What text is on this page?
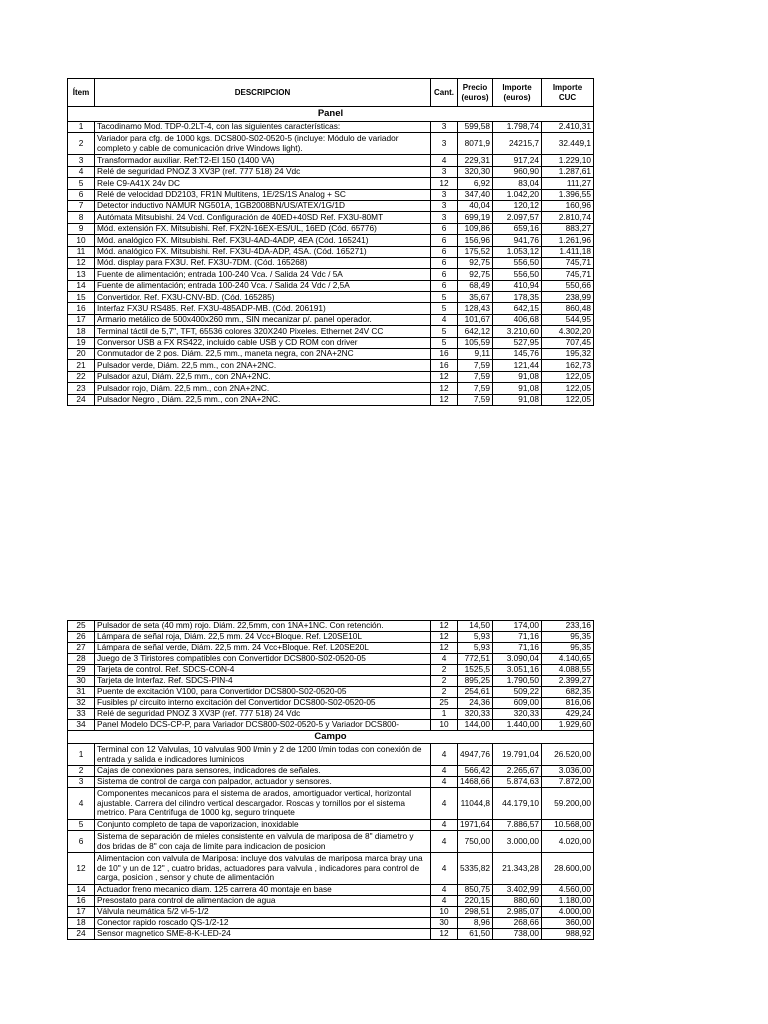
Ítem	DESCRIPCION	Cant.	Precio (euros)	Importe (euros)	Importe CUC
Panel					
1	Tacodinamo Mod. TDP-0.2LT-4, con las siguientes características:	3	599,58	1.798,74	2.410,31
2	Variador para cfg. de 1000 kgs. DCS800-S02-0520-5 (incluye: Módulo de variador completo y cable de comunicación drive Windows light).	3	8071,9	24215,7	32.449,1
3	Transformador auxiliar. Ref:T2-EI 150 (1400 VA)	4	229,31	917,24	1.229,10
4	Relé de seguridad PNOZ 3 XV3P (ref. 777 518) 24 Vdc	3	320,30	960,90	1.287,61
5	Rele C9-A41X 24v DC	12	6,92	83,04	111,27
6	Relé de velocidad DD2103, FR1N Multitens, 1E/2S/1S Analog + SC	3	347,40	1.042,20	1.396,55
7	Detector inductivo NAMUR NG501A, 1GB2008BN/US/ATEX/1G/1D	3	40,04	120,12	160,96
8	Autómata Mitsubishi. 24 Vcd. Configuración de 40ED+40SD Ref. FX3U-80MT	3	699,19	2.097,57	2.810,74
9	Mód. extensión FX. Mitsubishi. Ref. FX2N-16EX-ES/UL, 16ED (Cód. 65776)	6	109,86	659,16	883,27
10	Mód. analógico FX. Mitsubishi. Ref. FX3U-4AD-4ADP, 4EA (Cód. 165241)	6	156,96	941,76	1.261,96
11	Mód. analógico FX. Mitsubishi. Ref. FX3U-4DA-ADP, 4SA. (Cód. 165271)	6	175,52	1.053,12	1.411,18
12	Mód. display para FX3U. Ref. FX3U-7DM. (Cód. 165268)	6	92,75	556,50	745,71
13	Fuente de alimentación; entrada 100-240 Vca. / Salida 24 Vdc / 5A	6	92,75	556,50	745,71
14	Fuente de alimentación; entrada 100-240 Vca. / Salida 24 Vdc / 2,5A	6	68,49	410,94	550,66
15	Convertidor. Ref. FX3U-CNV-BD. (Cód. 165285)	5	35,67	178,35	238,99
16	Interfaz FX3U RS485. Ref. FX3U-485ADP-MB. (Cód. 206191)	5	128,43	642,15	860,48
17	Armario metálico de 500x400x260 mm., SIN mecanizar p/. panel operador.	4	101,67	406,68	544,95
18	Terminal táctil de 5,7", TFT, 65536 colores 320X240 Pixeles. Ethernet 24V CC	5	642,12	3.210,60	4.302,20
19	Conversor USB a FX RS422, incluido cable USB y CD ROM con driver	5	105,59	527,95	707,45
20	Conmutador de 2 pos. Diám. 22,5 mm., maneta negra, con 2NA+2NC	16	9,11	145,76	195,32
21	Pulsador verde, Diám. 22,5 mm., con 2NA+2NC.	16	7,59	121,44	162,73
22	Pulsador azul, Diám. 22,5 mm., con 2NA+2NC.	12	7,59	91,08	122,05
23	Pulsador rojo, Diám. 22,5 mm., con 2NA+2NC.	12	7,59	91,08	122,05
24	Pulsador Negro , Diám. 22,5 mm., con 2NA+2NC.	12	7,59	91,08	122,05
25	Pulsador de seta (40 mm) rojo. Diám. 22,5mm, con 1NA+1NC. Con retención.	12	14,50	174,00	233,16
26	Lámpara de señal roja, Diám. 22,5 mm. 24 Vcc+Bloque. Ref. L20SE10L	12	5,93	71,16	95,35
27	Lámpara de señal verde, Diám. 22,5 mm. 24 Vcc+Bloque. Ref. L20SE20L	12	5,93	71,16	95,35
28	Juego de 3 Tiristores compatibles con Convertidor DCS800-S02-0520-05	4	772,51	3.090,04	4.140,65
29	Tarjeta de control. Ref. SDCS-CON-4	2	1525,5	3.051,16	4.088,55
30	Tarjeta de Interfaz. Ref. SDCS-PIN-4	2	895,25	1.790,50	2.399,27
31	Puente de excitación V100, para Convertidor DCS800-S02-0520-05	2	254,61	509,22	682,35
32	Fusibles p/ circuito interno excitación del Convertidor DCS800-S02-0520-05	25	24,36	609,00	816,06
33	Relé de seguridad PNOZ 3 XV3P (ref. 777 518) 24 Vdc	1	320,33	320,33	429,24
34	Panel Modelo DCS-CP-P, para Variador DCS800-S02-0520-5 y Variador DCS800-	10	144,00	1.440,00	1.929,60
Campo					
1	Terminal con 12 Valvulas, 10 valvulas 900 l/min y 2 de 1200 l/min todas con conexión de entrada y salida e indicadores luminicos	4	4947,76	19.791,04	26.520,00
2	Cajas de conexiones para sensores, indicadores de señales.	4	566,42	2.265,67	3.036,00
3	Sistema de control de carga con palpador, actuador y sensores.	4	1468,66	5.874,63	7.872,00
4	Componentes mecanicos para el sistema de arados, amortiguador vertical, horizontal ajustable. Carrera del cilindro vertical descargador. Roscas y tornillos por el sistema metrico. Para Centrifuga de 1000 kg, seguro trinquete	4	11044,8	44.179,10	59.200,00
5	Conjunto completo de tapa de vaporizacion, inoxidable	4	1971,64	7.886,57	10.568,00
6	Sistema de separación de mieles consistente en valvula de mariposa de 8" diametro y dos bridas de 8" con caja de limite para indicacion de posicion	4	750,00	3.000,00	4.020,00
12	Alimentacion con valvula de Mariposa: incluye dos valvulas de mariposa marca bray una de 10" y un de 12" , cuatro bridas, actuadores para valvula , indicadores para control de carga, posicion , sensor y chute de alimentación	4	5335,82	21.343,28	28.600,00
14	Actuador freno mecanico diam. 125 carrera 40 montaje en base	4	850,75	3.402,99	4.560,00
16	Presostato para control de alimentacion de agua	4	220,15	880,60	1.180,00
17	Válvula neumática 5/2 vl-5-1/2	10	298,51	2.985,07	4.000,00
18	Conector rapido roscado QS-1/2-12	30	8,96	268,66	360,00
24	Sensor magnetico SME-8-K-LED-24	12	61,50	738,00	988,92
